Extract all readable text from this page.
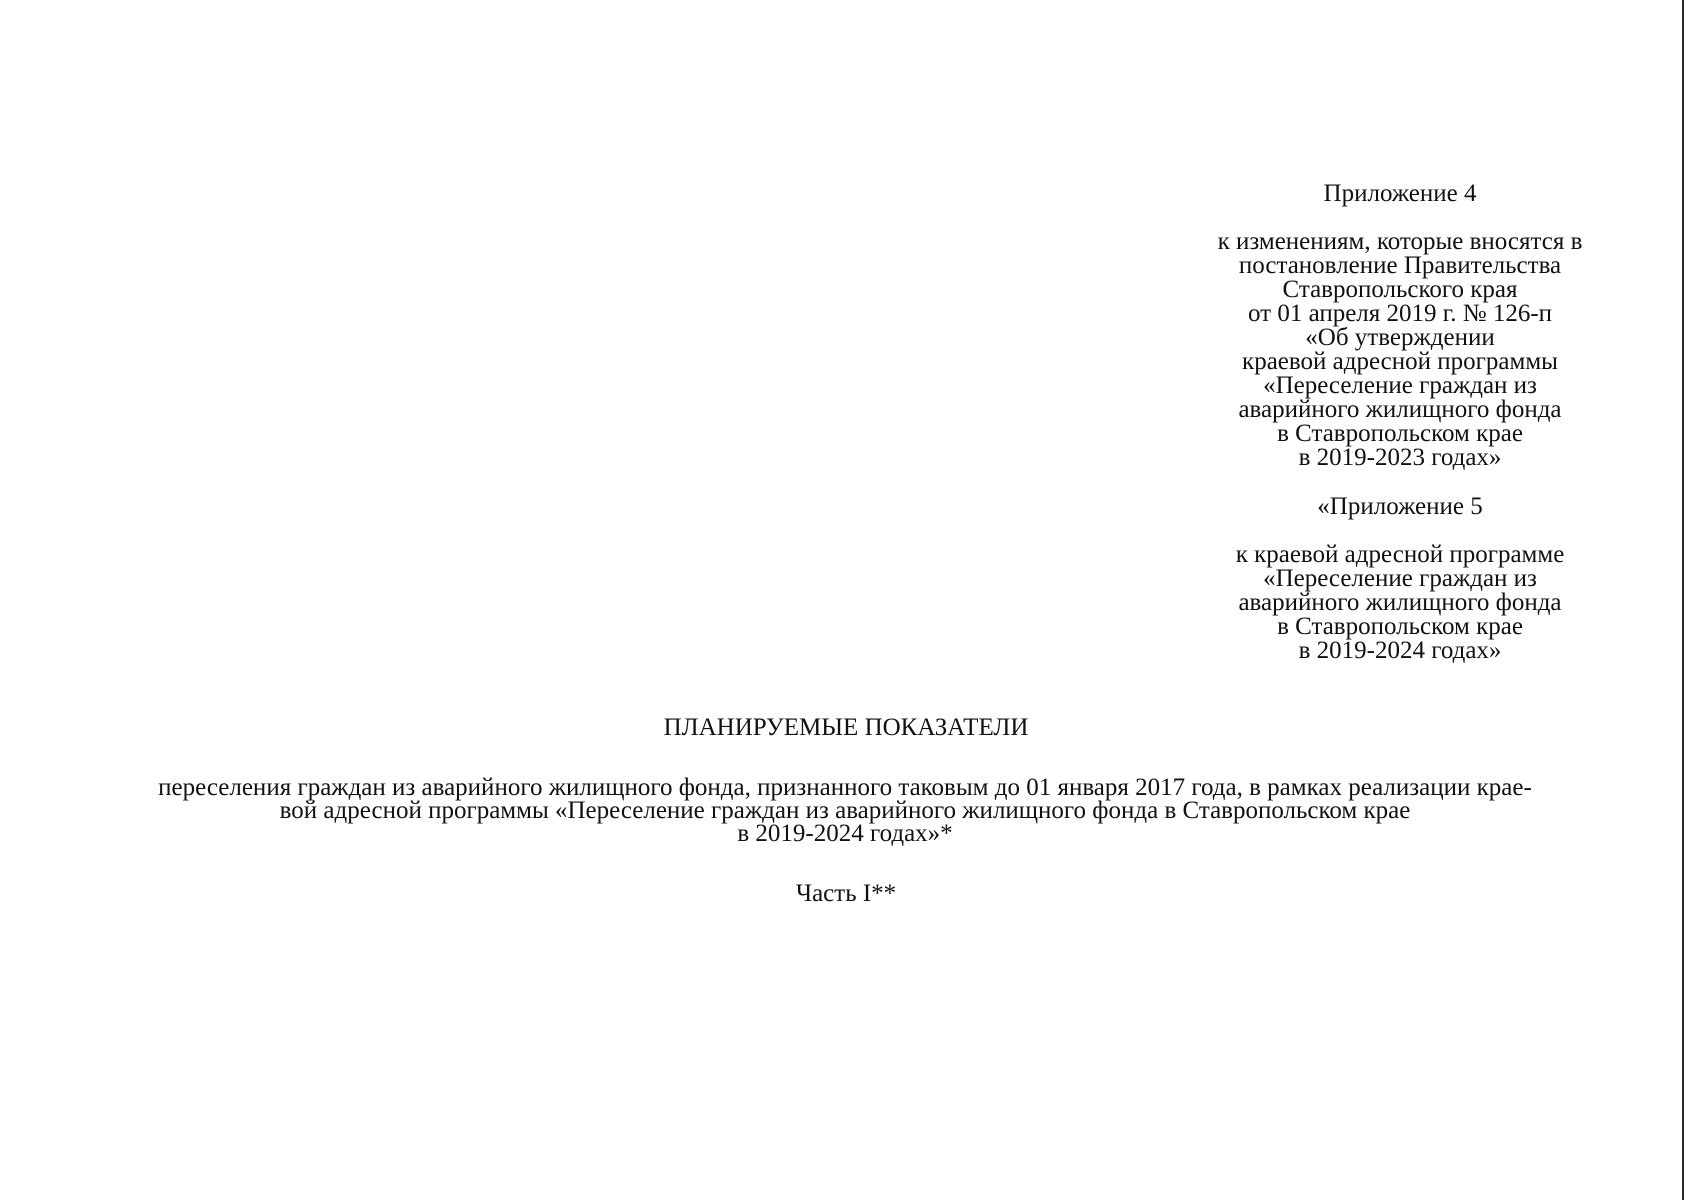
Приложение 4
к изменениям, которые вносятся в
постановление Правительства
Ставропольского края
от 01 апреля 2019 г. № 126-п
«Об утверждении
краевой адресной программы
«Переселение граждан из
аварийного жилищного фонда
в Ставропольском крае
в 2019-2023 годах»
«Приложение 5
к краевой адресной программе
«Переселение граждан из
аварийного жилищного фонда
в Ставропольском крае
в 2019-2024 годах»
ПЛАНИРУЕМЫЕ ПОКАЗАТЕЛИ
переселения граждан из аварийного жилищного фонда, признанного таковым до 01 января 2017 года, в рамках реализации крае-
вой адресной программы «Переселение граждан из аварийного жилищного фонда в Ставропольском крае
в 2019-2024 годах»*
Часть I**
